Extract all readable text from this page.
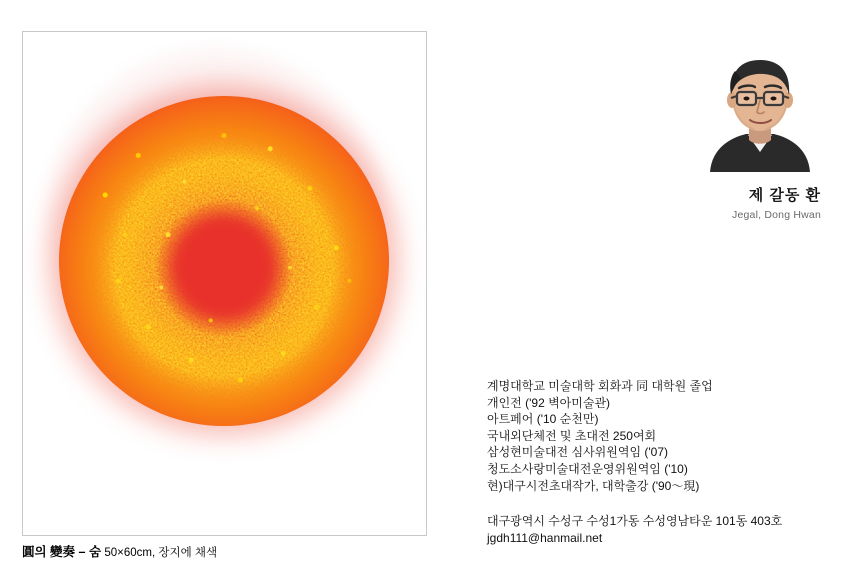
圓의 變奏 – 숨 50×60cm, 장지에 채색
제 갈동 환
Jegal, Dong Hwan
계명대학교 미술대학 회화과 同 대학원 졸업
개인전 ('92 벽아미술관)
아트페어 ('10 순천만)
국내외단체전 및 초대전 250여회
삼성현미술대전 심사위원역임 ('07)
청도소사랑미술대전운영위원역임 ('10)
현)대구시전초대작가, 대학출강 ('90〜現)
대구광역시 수성구 수성1가동 수성영남타운 101동 403호
jgdh111@hanmail.net
